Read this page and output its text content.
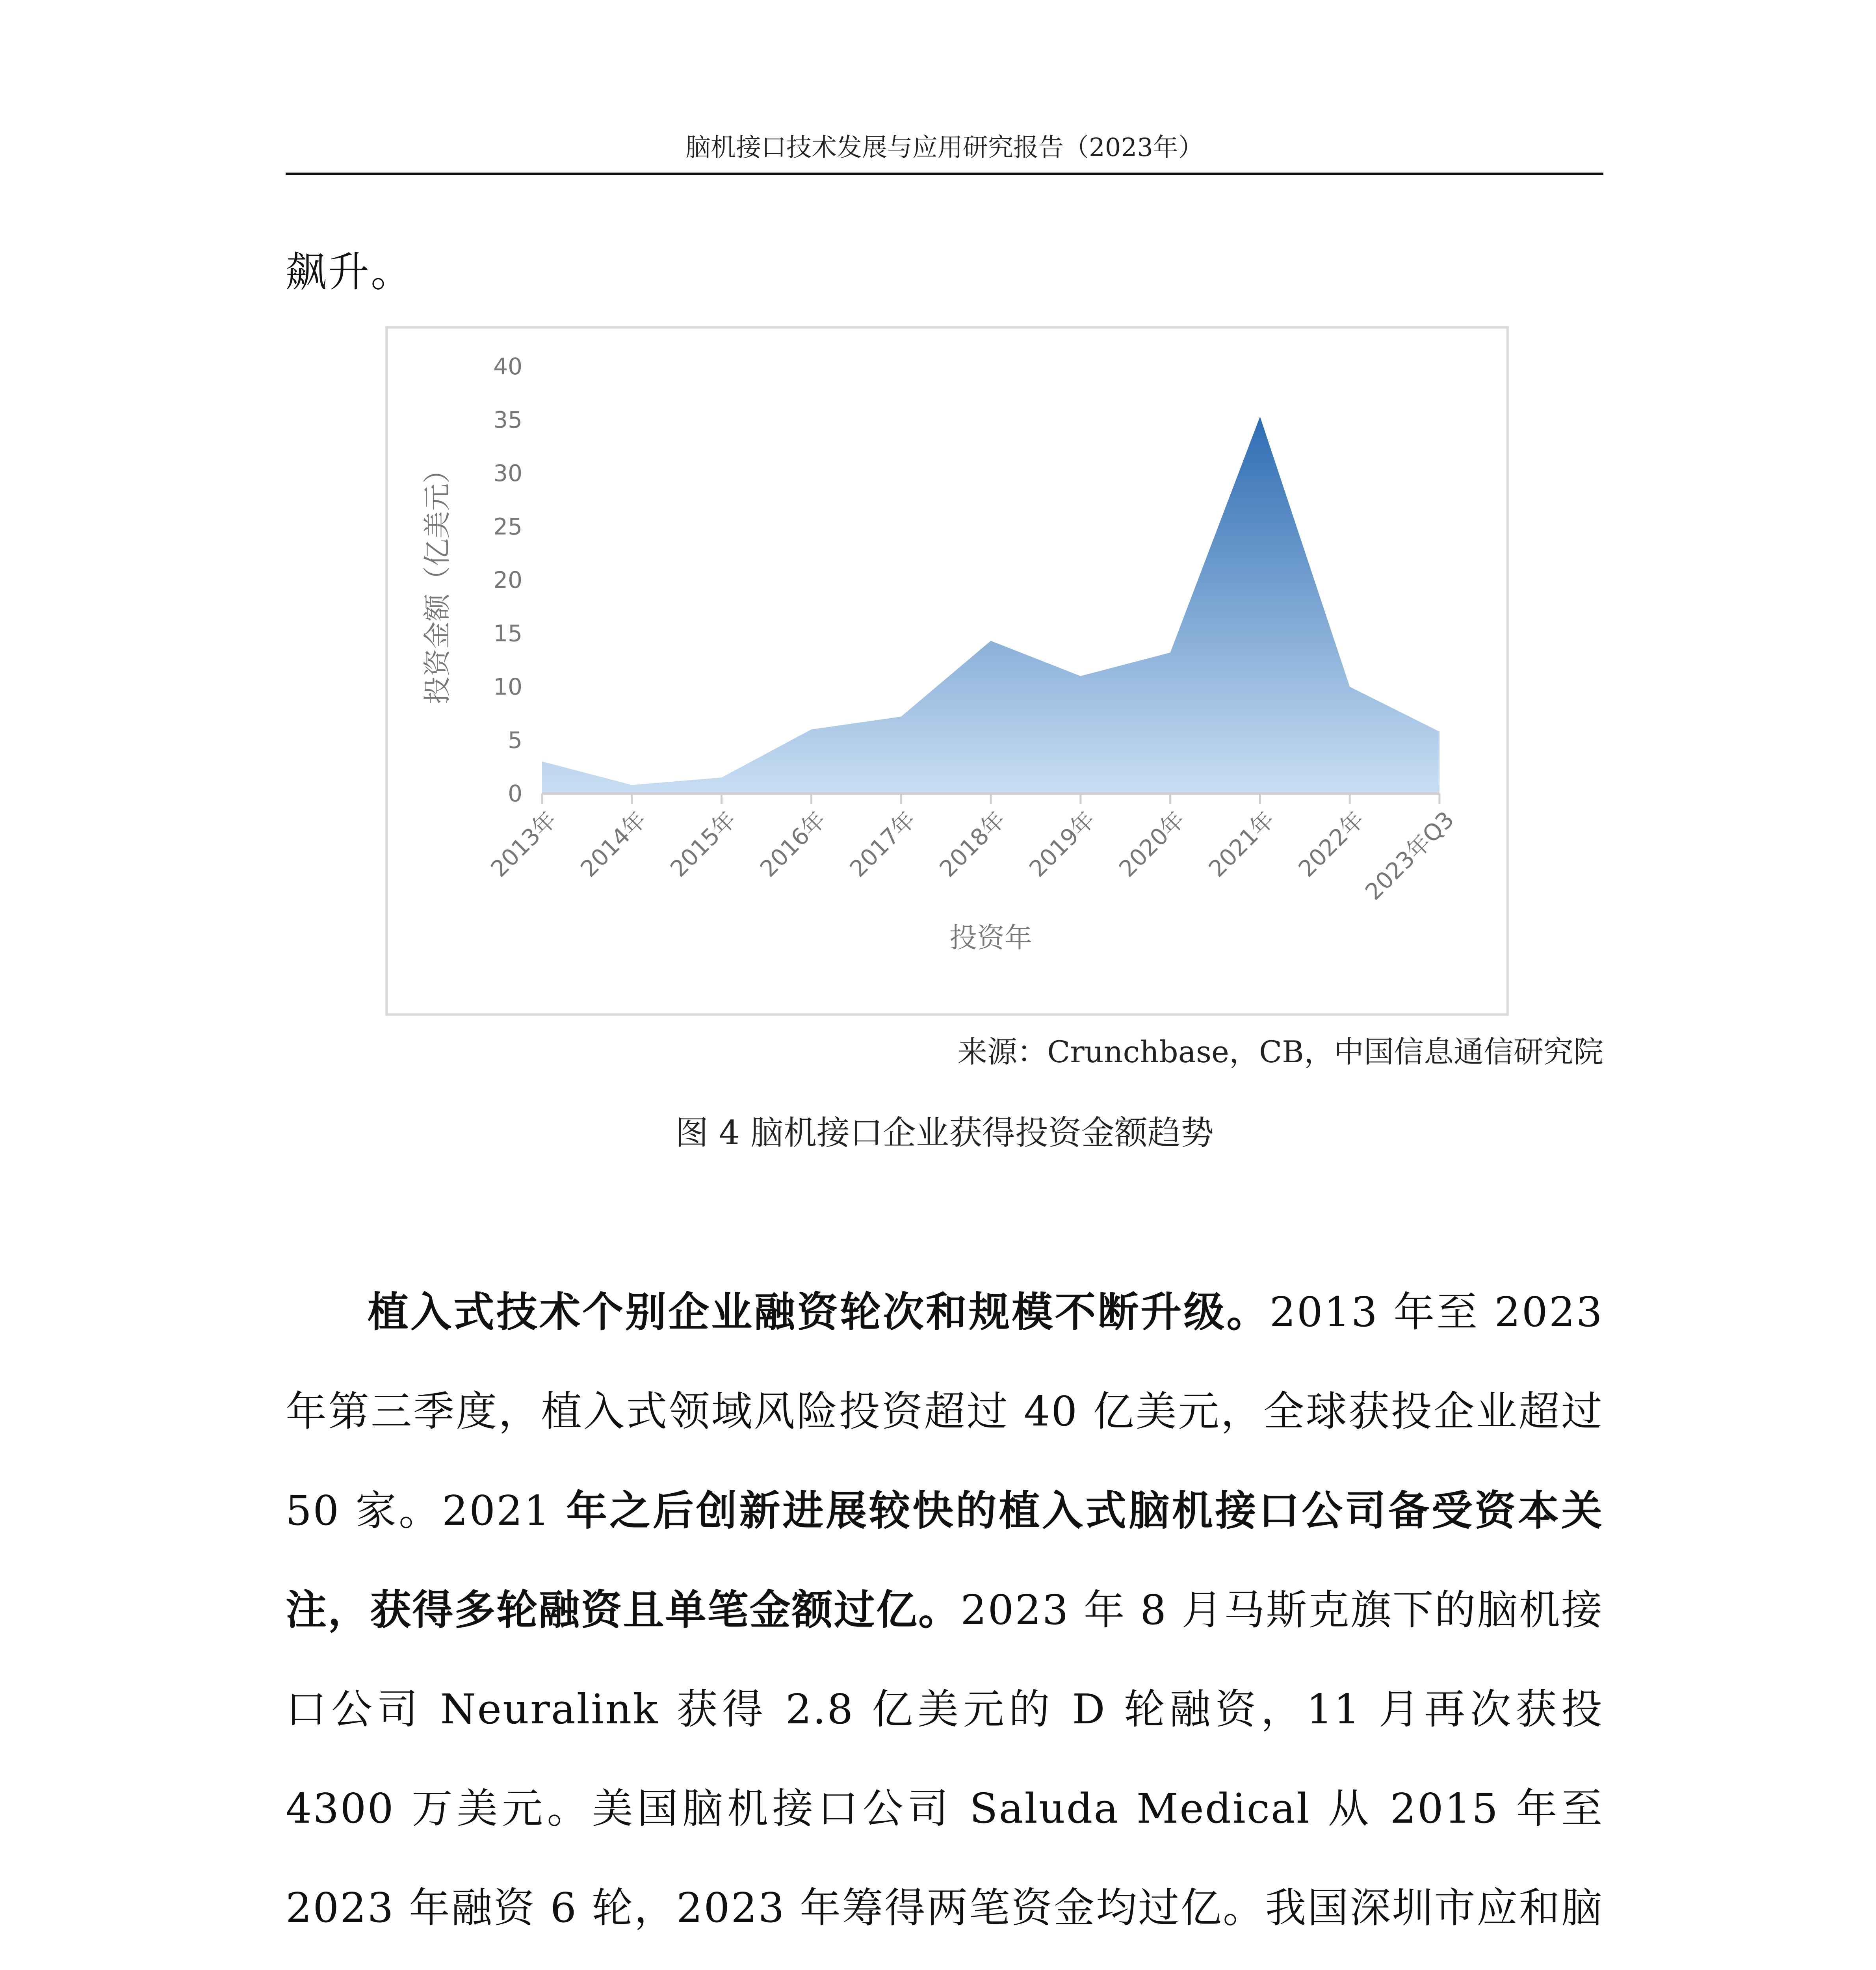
脑机接口技术发展与应用研究报告（2023年）
飙升。
2013年 2014年 2015年 2016年 2017年 2018年 2019年 2020年 2021年 2022年
2023年Q3
0
5
10
15
20
25
30
35
40
投资金额（亿美元）
投资年
来源：Crunchbase，CB，中国信息通信研究院
图 4 脑机接口企业获得投资金额趋势

植入式技术个别企业融资轮次和规模不断升级。2013 年至 2023 年第三季度，植入式领域风险投资超过 40 亿美元，全球获投企业超过 50 家。2021 年之后创新进展较快的植入式脑机接口公司备受资本关注，获得多轮融资且单笔金额过亿。2023 年 8 月马斯克旗下的脑机接口公司 Neuralink 获得 2.8 亿美元的 D 轮融资，11 月再次获投 4300 万美元。美国脑机接口公司 Saluda Medical 从 2015 年至 2023 年融资 6 轮，2023 年筹得两笔资金均过亿。我国深圳市应和脑
